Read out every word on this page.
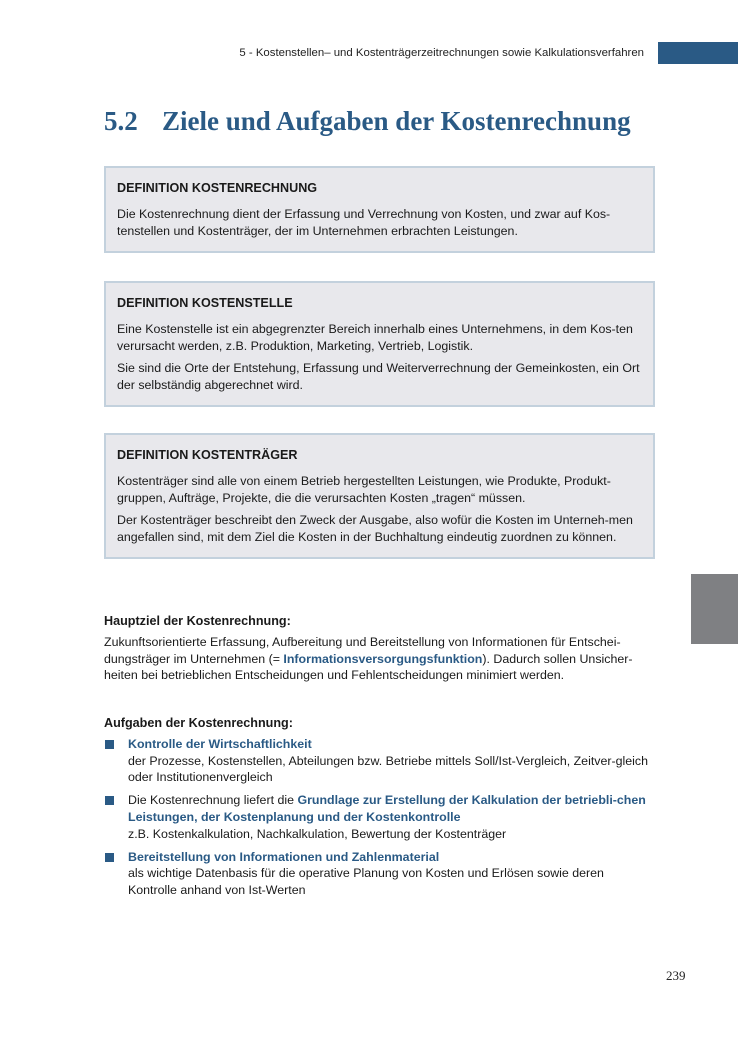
5 - Kostenstellen– und Kostenträgerzeitrechnungen sowie Kalkulationsverfahren
5.2 Ziele und Aufgaben der Kostenrechnung
DEFINITION KOSTENRECHNUNG

Die Kostenrechnung dient der Erfassung und Verrechnung von Kosten, und zwar auf Kos-tenstellen und Kostenträger, der im Unternehmen erbrachten Leistungen.

DEFINITION KOSTENSTELLE

Eine Kostenstelle ist ein abgegrenzter Bereich innerhalb eines Unternehmens, in dem Kos-ten verursacht werden, z.B. Produktion, Marketing, Vertrieb, Logistik.

Sie sind die Orte der Entstehung, Erfassung und Weiterverrechnung der Gemeinkosten, ein Ort der selbständig abgerechnet wird.

DEFINITION KOSTENTRÄGER

Kostenträger sind alle von einem Betrieb hergestellten Leistungen, wie Produkte, Produkt-gruppen, Aufträge, Projekte, die die verursachten Kosten „tragen“ müssen.

Der Kostenträger beschreibt den Zweck der Ausgabe, also wofür die Kosten im Unterneh-men angefallen sind, mit dem Ziel die Kosten in der Buchhaltung eindeutig zuordnen zu können.

Hauptziel der Kostenrechnung:

Zukunftsorientierte Erfassung, Aufbereitung und Bereitstellung von Informationen für Entschei-dungsträger im Unternehmen (= Informationsversorgungsfunktion). Dadurch sollen Unsicher-heiten bei betrieblichen Entscheidungen und Fehlentscheidungen minimiert werden.

Aufgaben der Kostenrechnung:
Kontrolle der Wirtschaftlichkeit
der Prozesse, Kostenstellen, Abteilungen bzw. Betriebe mittels Soll/Ist-Vergleich, Zeitver-gleich oder Institutionenvergleich
Die Kostenrechnung liefert die Grundlage zur Erstellung der Kalkulation der betriebli-chen Leistungen, der Kostenplanung und der Kostenkontrolle
z.B. Kostenkalkulation, Nachkalkulation, Bewertung der Kostenträger
Bereitstellung von Informationen und Zahlenmaterial
als wichtige Datenbasis für die operative Planung von Kosten und Erlösen sowie deren Kontrolle anhand von Ist-Werten
239
